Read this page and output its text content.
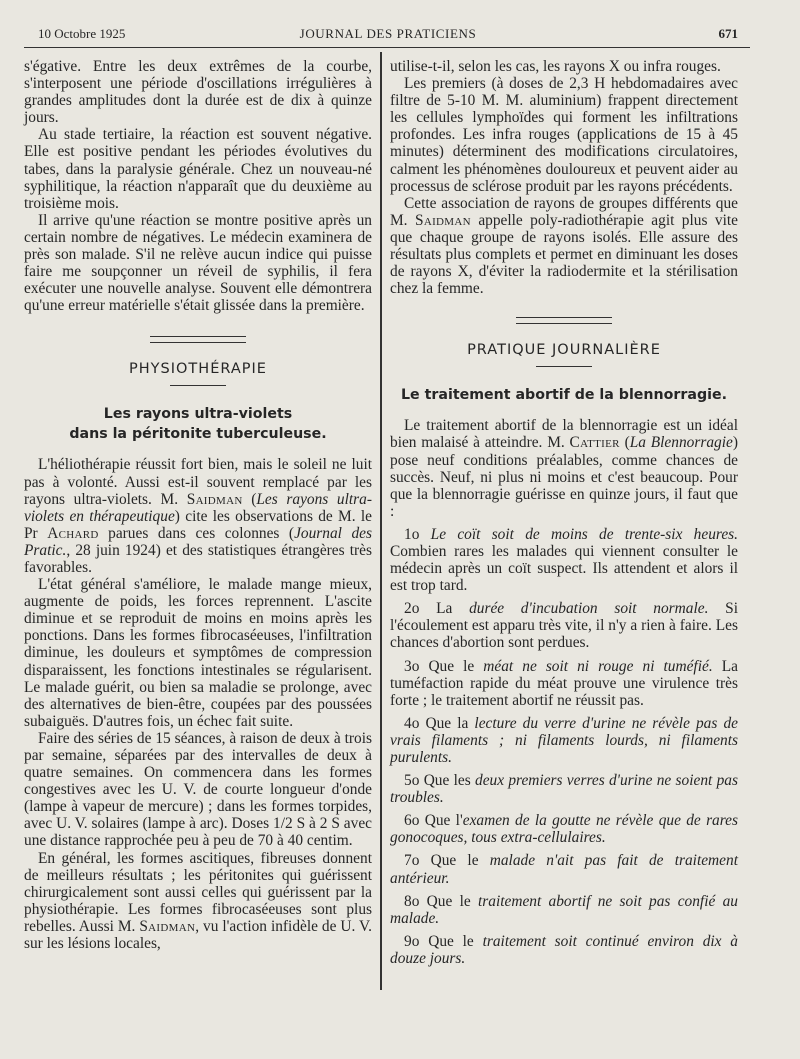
10 Octobre 1925	JOURNAL DES PRATICIENS	671

s'égative. Entre les deux extrêmes de la courbe, s'interposent une période d'oscillations irrégulières à grandes amplitudes dont la durée est de dix à quinze jours.

Au stade tertiaire, la réaction est souvent négative. Elle est positive pendant les périodes évolutives du tabes, dans la paralysie générale. Chez un nouveau-né syphilitique, la réaction n'apparaît que du deuxième au troisième mois.

Il arrive qu'une réaction se montre positive après un certain nombre de négatives. Le médecin examinera de près son malade. S'il ne relève aucun indice qui puisse faire me soupçonner un réveil de syphilis, il fera exécuter une nouvelle analyse. Souvent elle démontrera qu'une erreur matérielle s'était glissée dans la première.

PHYSIOTHÉRAPIE
Les rayons ultra-violets
dans la péritonite tuberculeuse.

L'héliothérapie réussit fort bien, mais le soleil ne luit pas à volonté. Aussi est-il souvent remplacé par les rayons ultra-violets. M. Saidman (Les rayons ultra-violets en thérapeutique) cite les observations de M. le Pr Achard parues dans ces colonnes (Journal des Pratic., 28 juin 1924) et des statistiques étrangères très favorables.

L'état général s'améliore, le malade mange mieux, augmente de poids, les forces reprennent. L'ascite diminue et se reproduit de moins en moins après les ponctions. Dans les formes fibrocaséeuses, l'infiltration diminue, les douleurs et symptômes de compression disparaissent, les fonctions intestinales se régularisent. Le malade guérit, ou bien sa maladie se prolonge, avec des alternatives de bien-être, coupées par des poussées subaiguës. D'autres fois, un échec fait suite.

Faire des séries de 15 séances, à raison de deux à trois par semaine, séparées par des intervalles de deux à quatre semaines. On commencera dans les formes congestives avec les U. V. de courte longueur d'onde (lampe à vapeur de mercure) ; dans les formes torpides, avec U. V. solaires (lampe à arc). Doses 1/2 S à 2 S avec une distance rapprochée peu à peu de 70 à 40 centim.

En général, les formes ascitiques, fibreuses donnent de meilleurs résultats ; les péritonites qui guérissent chirurgicalement sont aussi celles qui guérissent par la physiothérapie. Les formes fibrocaséeuses sont plus rebelles. Aussi M. Saidman, vu l'action infidèle de U. V. sur les lésions locales,

utilise-t-il, selon les cas, les rayons X ou infra rouges.

Les premiers (à doses de 2,3 H hebdomadaires avec filtre de 5-10 M. M. aluminium) frappent directement les cellules lymphoïdes qui forment les infiltrations profondes. Les infra rouges (applications de 15 à 45 minutes) déterminent des modifications circulatoires, calment les phénomènes douloureux et peuvent aider au processus de sclérose produit par les rayons précédents.

Cette association de rayons de groupes différents que M. Saidman appelle poly-radiothérapie agit plus vite que chaque groupe de rayons isolés. Elle assure des résultats plus complets et permet en diminuant les doses de rayons X, d'éviter la radiodermite et la stérilisation chez la femme.

PRATIQUE JOURNALIÈRE
Le traitement abortif de la blennorragie.

Le traitement abortif de la blennorragie est un idéal bien malaisé à atteindre. M. Cattier (La Blennorragie) pose neuf conditions préalables, comme chances de succès. Neuf, ni plus ni moins et c'est beaucoup. Pour que la blennorragie guérisse en quinze jours, il faut que :

1o Le coït soit de moins de trente-six heures. Combien rares les malades qui viennent consulter le médecin après un coït suspect. Ils attendent et alors il est trop tard.

2o La durée d'incubation soit normale. Si l'écoulement est apparu très vite, il n'y a rien à faire. Les chances d'abortion sont perdues.

3o Que le méat ne soit ni rouge ni tuméfié. La tuméfaction rapide du méat prouve une virulence très forte ; le traitement abortif ne réussit pas.

4o Que la lecture du verre d'urine ne révèle pas de vrais filaments ; ni filaments lourds, ni filaments purulents.

5o Que les deux premiers verres d'urine ne soient pas troubles.

6o Que l'examen de la goutte ne révèle que de rares gonocoques, tous extra-cellulaires.

7o Que le malade n'ait pas fait de traitement antérieur.

8o Que le traitement abortif ne soit pas confié au malade.

9o Que le traitement soit continué environ dix à douze jours.
